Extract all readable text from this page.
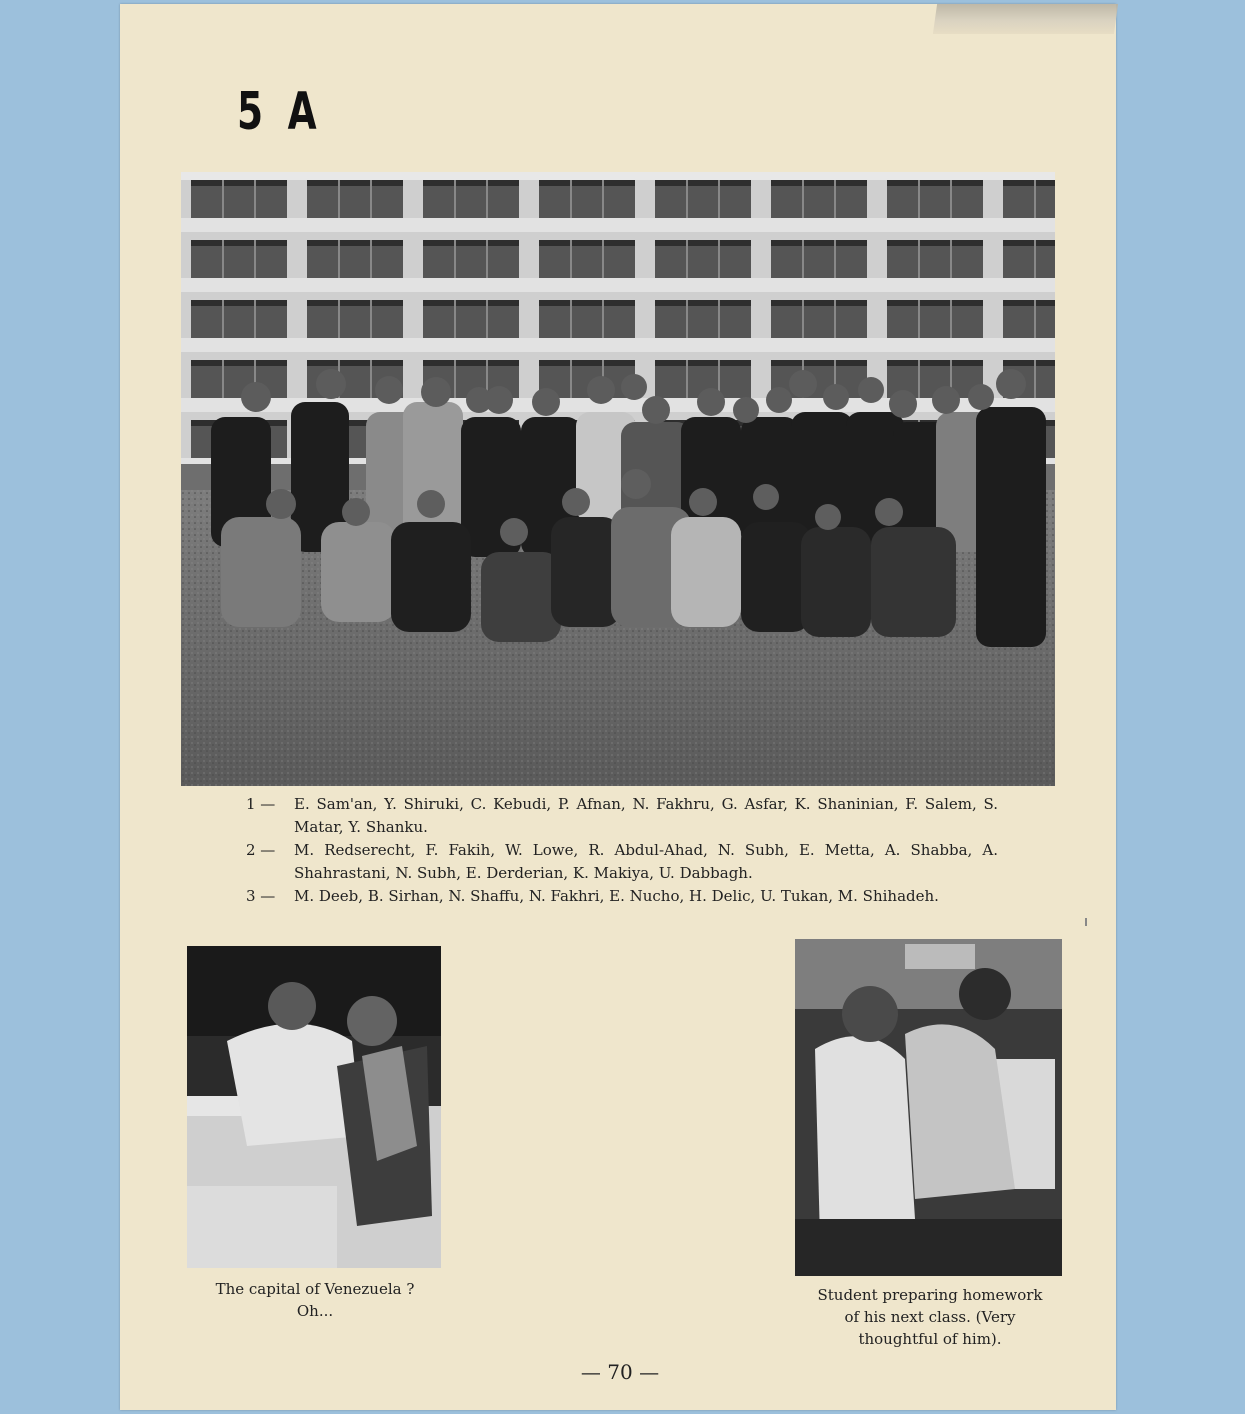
5 A
1 —	E. Sam'an, Y. Shiruki, C. Kebudi, P. Afnan, N. Fakhru, G. Asfar, K. Shaninian, F. Salem, S. Matar, Y. Shanku.
2 —	M. Redserecht, F. Fakih, W. Lowe, R. Abdul-Ahad, N. Subh, E. Metta, A. Shabba, A. Shahrastani, N. Subh, E. Derderian, K. Makiya, U. Dabbagh.
3 —	M. Deeb, B. Sirhan, N. Shaffu, N. Fakhri, E. Nucho, H. Delic, U. Tukan, M. Shihadeh.
The capital of Venezuela ?
Oh...
Student preparing homework
of his next class. (Very
thoughtful of him).
— 70 —
